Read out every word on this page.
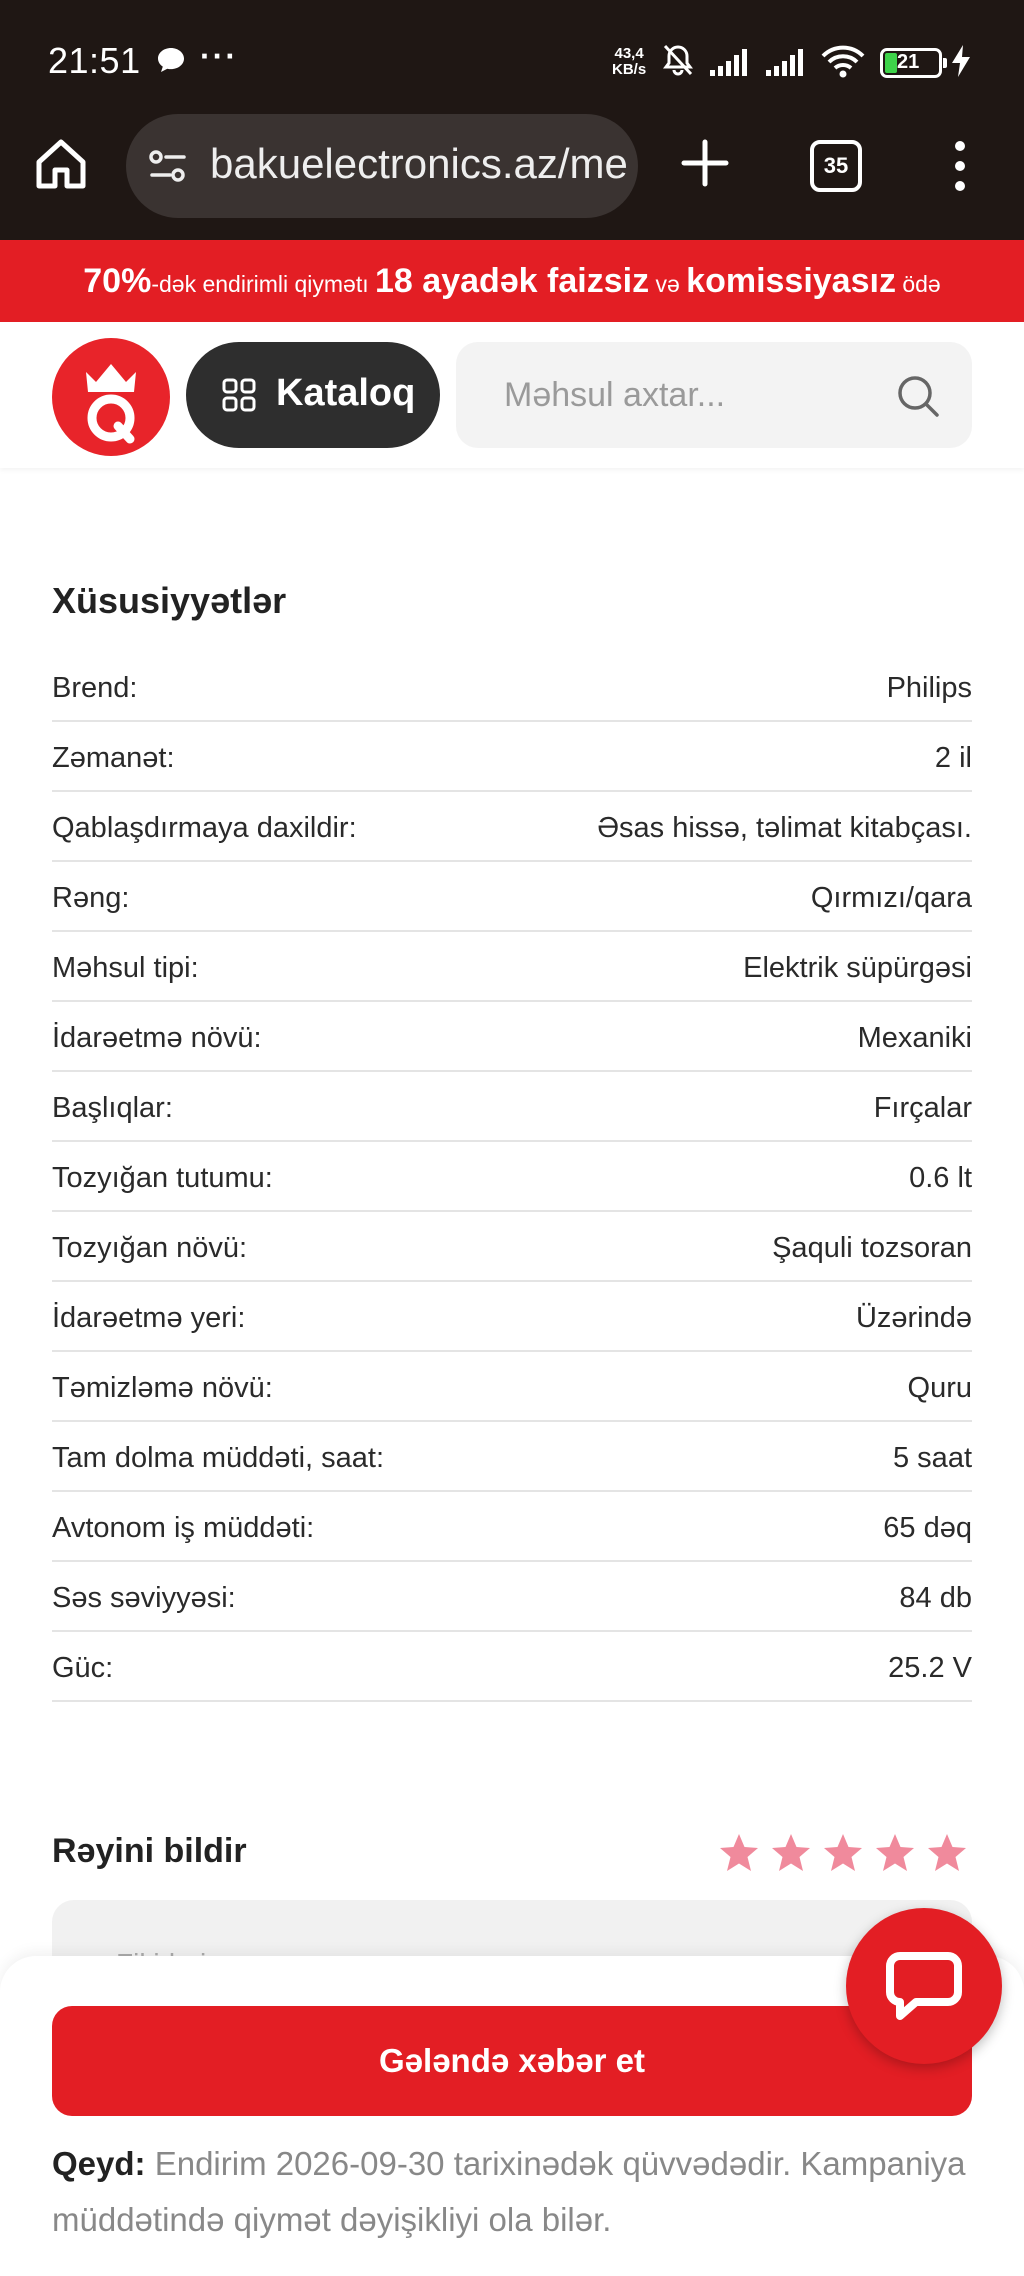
21:51 ···	43,4
KB/s	21
bakuelectronics.az/me	35
70%-dək endirimli qiymətı 18 ayadək faizsiz və komissiyasız ödə
Kataloq
Məhsul axtar...
Xüsusiyyətlər
Brend:	Philips
Zəmanət:	2 il
Qablaşdırmaya daxildir:	Əsas hissə, təlimat kitabçası.
Rəng:	Qırmızı/qara
Məhsul tipi:	Elektrik süpürgəsi
İdarəetmə növü:	Mexaniki
Başlıqlar:	Fırçalar
Tozyığan tutumu:	0.6 lt
Tozyığan növü:	Şaquli tozsoran
İdarəetmə yeri:	Üzərində
Təmizləmə növü:	Quru
Tam dolma müddəti, saat:	5 saat
Avtonom iş müddəti:	65 dəq
Səs səviyyəsi:	84 db
Güc:	25.2 V
Rəyini bildir
Gələndə xəbər et
Qeyd: Endirim 2026-09-30 tarixinədək qüvvədədir. Kampaniya müddətində qiymət dəyişikliyi ola bilər.
